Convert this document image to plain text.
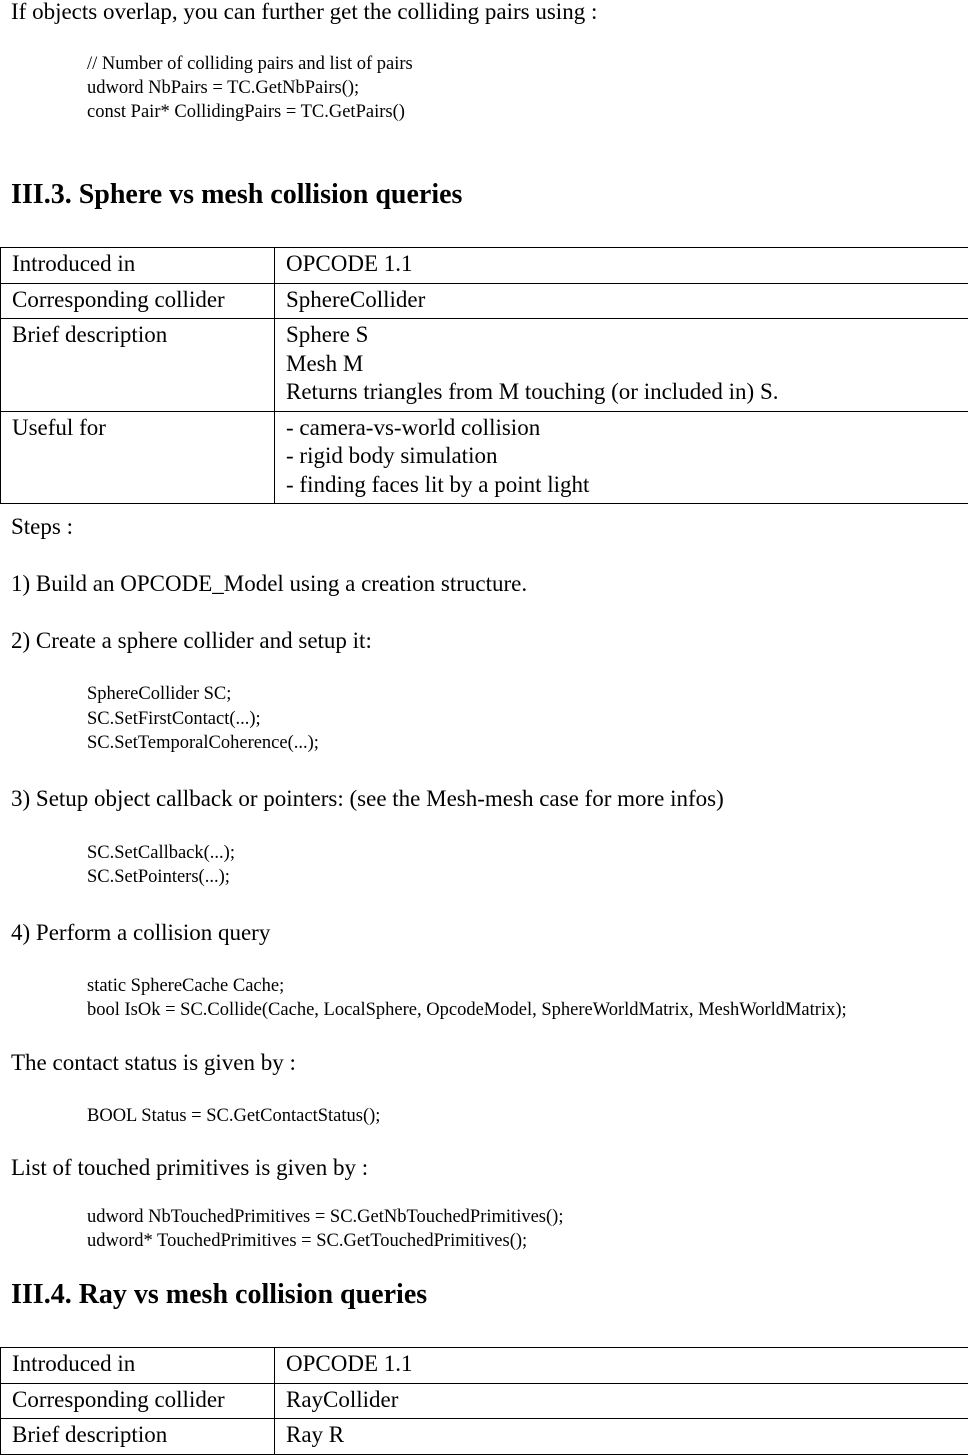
If objects overlap, you can further get the colliding pairs using :
// Number of colliding pairs and list of pairs
udword NbPairs = TC.GetNbPairs();
const Pair* CollidingPairs = TC.GetPairs()
III.3. Sphere vs mesh collision queries
Introduced in	OPCODE 1.1

Corresponding collider	SphereCollider

Brief description	Sphere S
Mesh M
Returns triangles from M touching (or included in) S.

Useful for	- camera-vs-world collision
- rigid body simulation
- finding faces lit by a point light
Steps :
1) Build an OPCODE_Model using a creation structure.
2) Create a sphere collider and setup it:
SphereCollider SC;
SC.SetFirstContact(...);
SC.SetTemporalCoherence(...);
3) Setup object callback or pointers: (see the Mesh-mesh case for more infos)
SC.SetCallback(...);
SC.SetPointers(...);
4) Perform a collision query
static SphereCache Cache;
bool IsOk = SC.Collide(Cache, LocalSphere, OpcodeModel, SphereWorldMatrix, MeshWorldMatrix);
The contact status is given by :
BOOL Status = SC.GetContactStatus();
List of touched primitives is given by :
udword NbTouchedPrimitives = SC.GetNbTouchedPrimitives();
udword* TouchedPrimitives = SC.GetTouchedPrimitives();
III.4. Ray vs mesh collision queries
Introduced in	OPCODE 1.1

Corresponding collider	RayCollider

Brief description	Ray R
